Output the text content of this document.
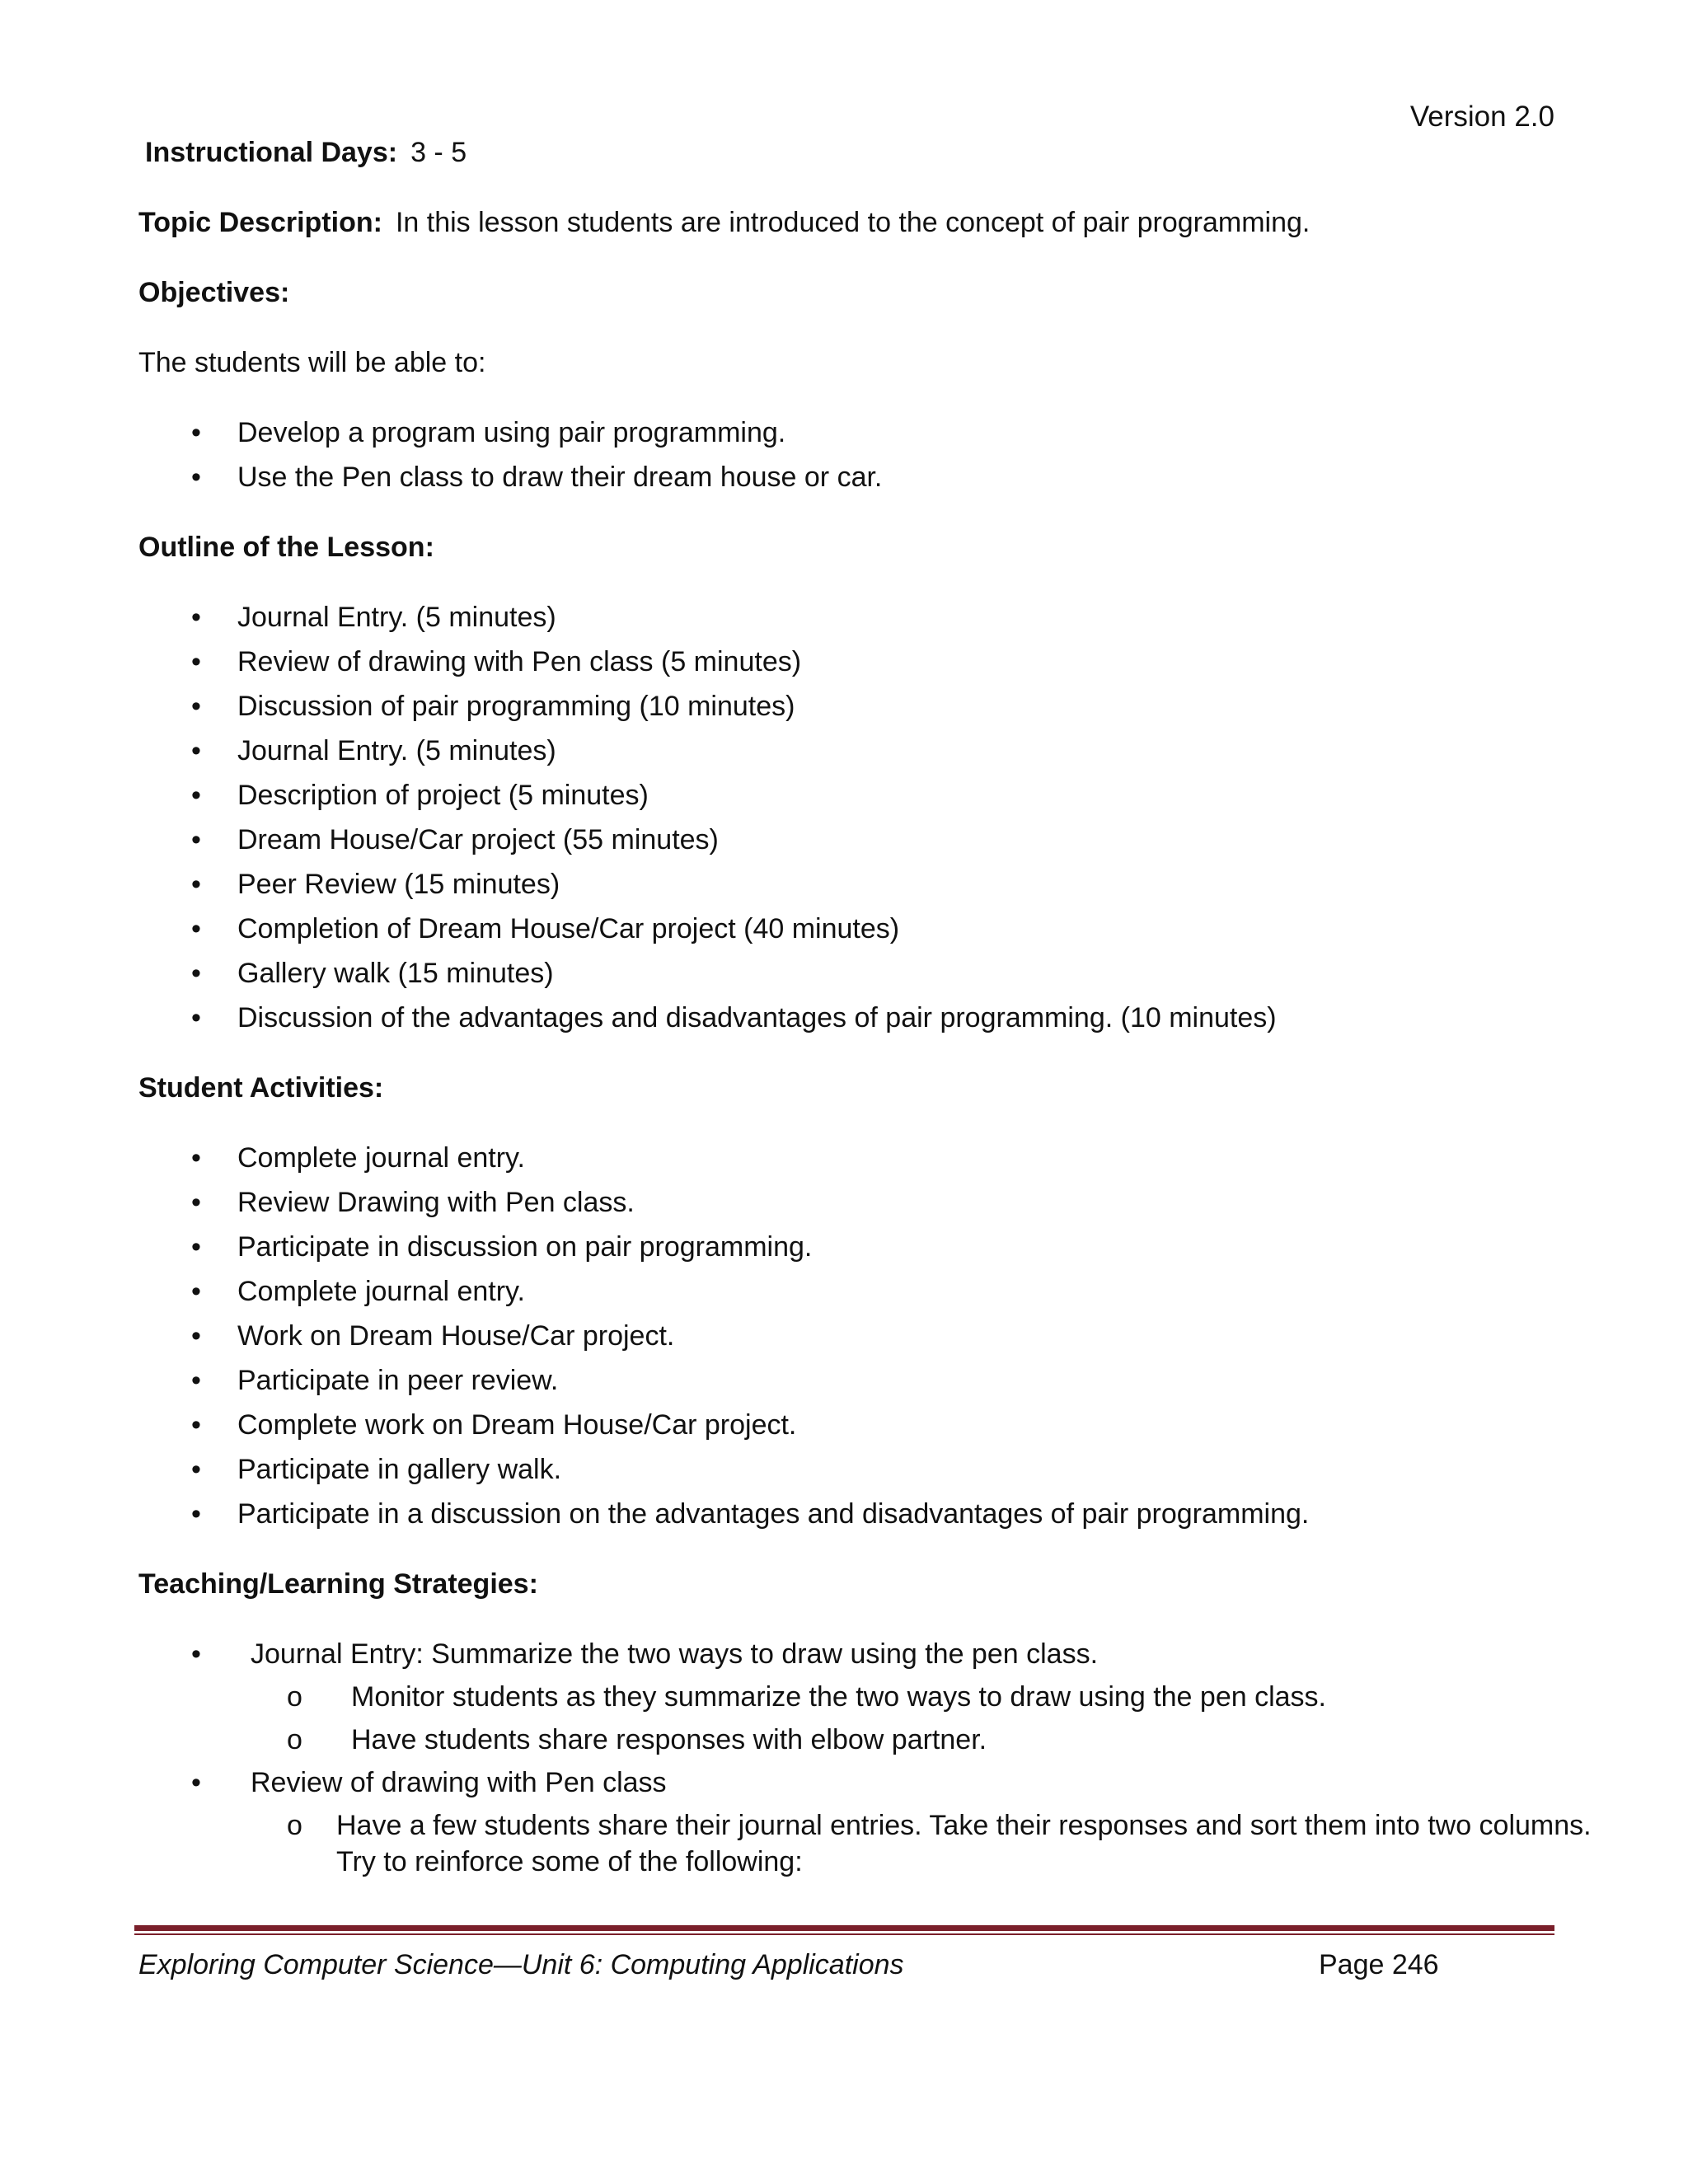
Version 2.0

Instructional Days: 3 - 5

Topic Description: In this lesson students are introduced to the concept of pair programming.

Objectives:

The students will be able to:

• Develop a program using pair programming.
• Use the Pen class to draw their dream house or car.

Outline of the Lesson:

• Journal Entry. (5 minutes)
• Review of drawing with Pen class (5 minutes)
• Discussion of pair programming (10 minutes)
• Journal Entry. (5 minutes)
• Description of project (5 minutes)
• Dream House/Car project (55 minutes)
• Peer Review (15 minutes)
• Completion of Dream House/Car project (40 minutes)
• Gallery walk (15 minutes)
• Discussion of the advantages and disadvantages of pair programming. (10 minutes)

Student Activities:

• Complete journal entry.
• Review Drawing with Pen class.
• Participate in discussion on pair programming.
• Complete journal entry.
• Work on Dream House/Car project.
• Participate in peer review.
• Complete work on Dream House/Car project.
• Participate in gallery walk.
• Participate in a discussion on the advantages and disadvantages of pair programming.

Teaching/Learning Strategies:

• Journal Entry: Summarize the two ways to draw using the pen class.
o Monitor students as they summarize the two ways to draw using the pen class.
o Have students share responses with elbow partner.
• Review of drawing with Pen class
o Have a few students share their journal entries. Take their responses and sort them into two columns. Try to reinforce some of the following:
Exploring Computer Science—Unit 6: Computing Applications	Page 246
